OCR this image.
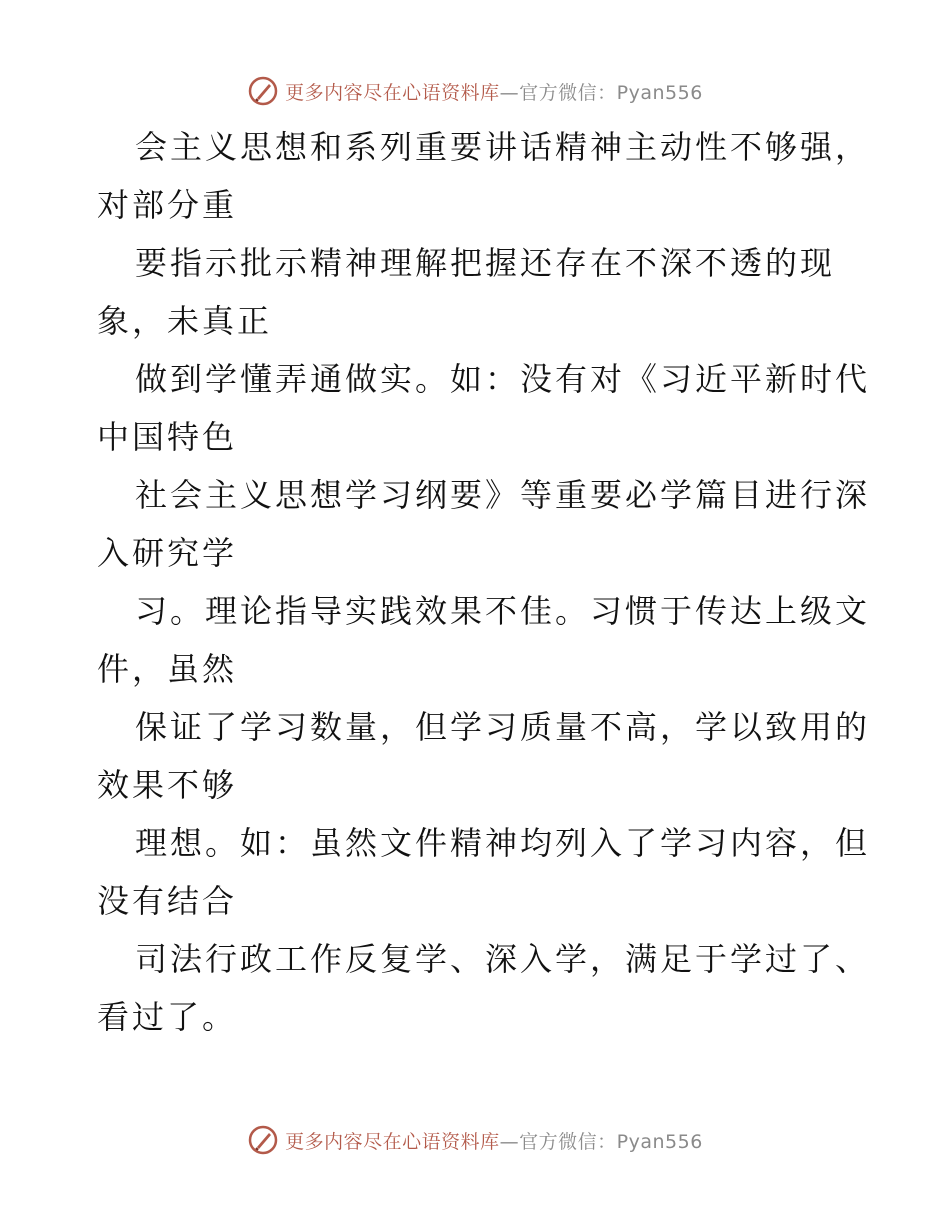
更多内容尽在心语资料库—官方微信：Pyan556
会主义思想和系列重要讲话精神主动性不够强，
对部分重
要指示批示精神理解把握还存在不深不透的现
象，未真正
做到学懂弄通做实。如：没有对《习近平新时代
中国特色
社会主义思想学习纲要》等重要必学篇目进行深
入研究学
习。理论指导实践效果不佳。习惯于传达上级文
件，虽然
保证了学习数量，但学习质量不高，学以致用的
效果不够
理想。如：虽然文件精神均列入了学习内容，但
没有结合
司法行政工作反复学、深入学，满足于学过了、
看过了。
更多内容尽在心语资料库—官方微信：Pyan556
